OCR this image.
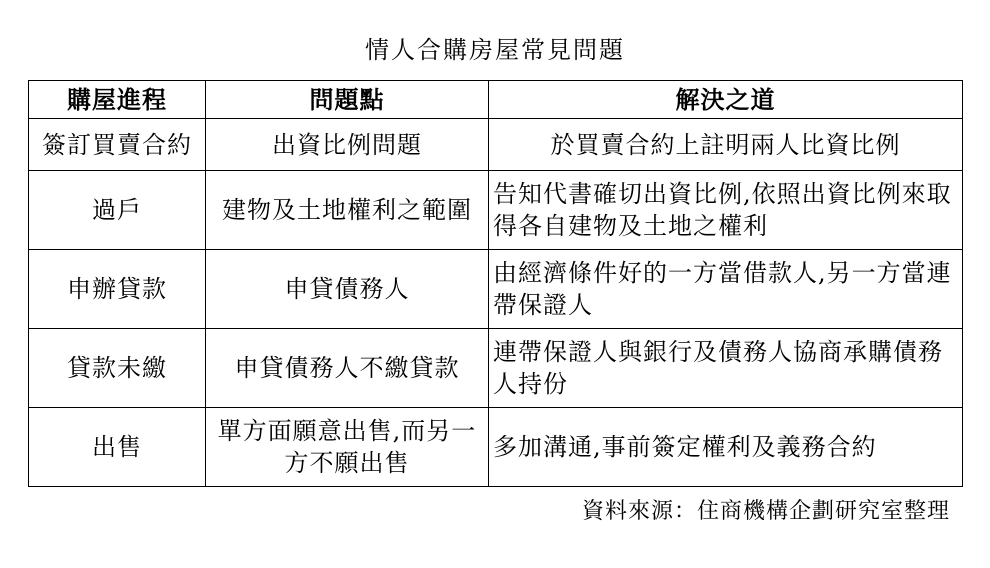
情人合購房屋常見問題
購屋進程	問題點	解決之道
簽訂買賣合約	出資比例問題	於買賣合約上註明兩人比資比例
過戶	建物及土地權利之範圍	告知代書確切出資比例,依照出資比例來取得各自建物及土地之權利
申辦貸款	申貸債務人	由經濟條件好的一方當借款人,另一方當連帶保證人
貸款未繳	申貸債務人不繳貸款	連帶保證人與銀行及債務人協商承購債務人持份
出售	單方面願意出售,而另一方不願出售	多加溝通,事前簽定權利及義務合約
資料來源：住商機構企劃研究室整理
